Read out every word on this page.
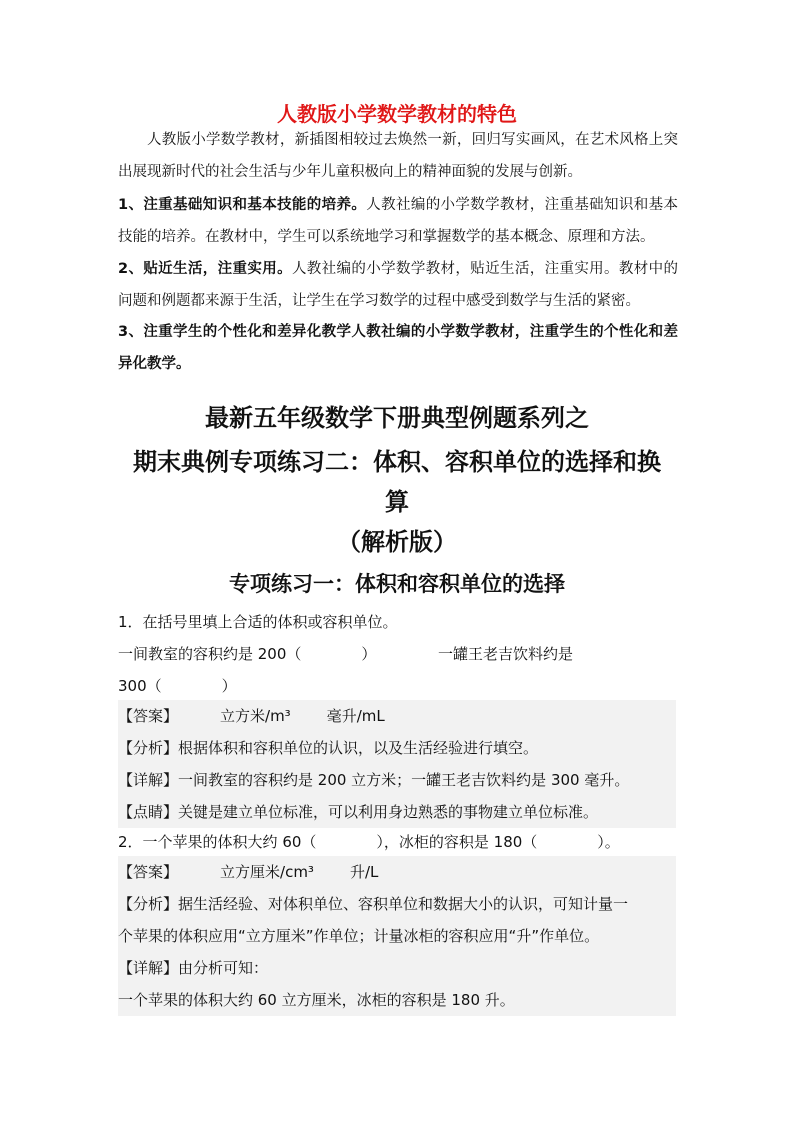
人教版小学数学教材的特色
人教版小学数学教材，新插图相较过去焕然一新，回归写实画风，在艺术风格上突出展现新时代的社会生活与少年儿童积极向上的精神面貌的发展与创新。
1、注重基础知识和基本技能的培养。人教社编的小学数学教材，注重基础知识和基本技能的培养。在教材中，学生可以系统地学习和掌握数学的基本概念、原理和方法。
2、贴近生活，注重实用。人教社编的小学数学教材，贴近生活，注重实用。教材中的问题和例题都来源于生活，让学生在学习数学的过程中感受到数学与生活的紧密。
3、注重学生的个性化和差异化教学人教社编的小学数学教材，注重学生的个性化和差异化教学。
最新五年级数学下册典型例题系列之
期末典例专项练习二：体积、容积单位的选择和换
算
（解析版）
专项练习一：体积和容积单位的选择
1．在括号里填上合适的体积或容积单位。
一间教室的容积约是 200（　　　　）	一罐王老吉饮料约是
300（　　　　）
【答案】	立方米/m³ 毫升/mL
【分析】根据体积和容积单位的认识，以及生活经验进行填空。
【详解】一间教室的容积约是 200 立方米；一罐王老吉饮料约是 300 毫升。
【点睛】关键是建立单位标准，可以利用身边熟悉的事物建立单位标准。
2．一个苹果的体积大约 60（　　　　），冰柜的容积是 180（　　　　）。
【答案】	立方厘米/cm³ 升/L
【分析】据生活经验、对体积单位、容积单位和数据大小的认识，可知计量一
个苹果的体积应用“立方厘米”作单位；计量冰柜的容积应用“升”作单位。
【详解】由分析可知：
一个苹果的体积大约 60 立方厘米，冰柜的容积是 180 升。
